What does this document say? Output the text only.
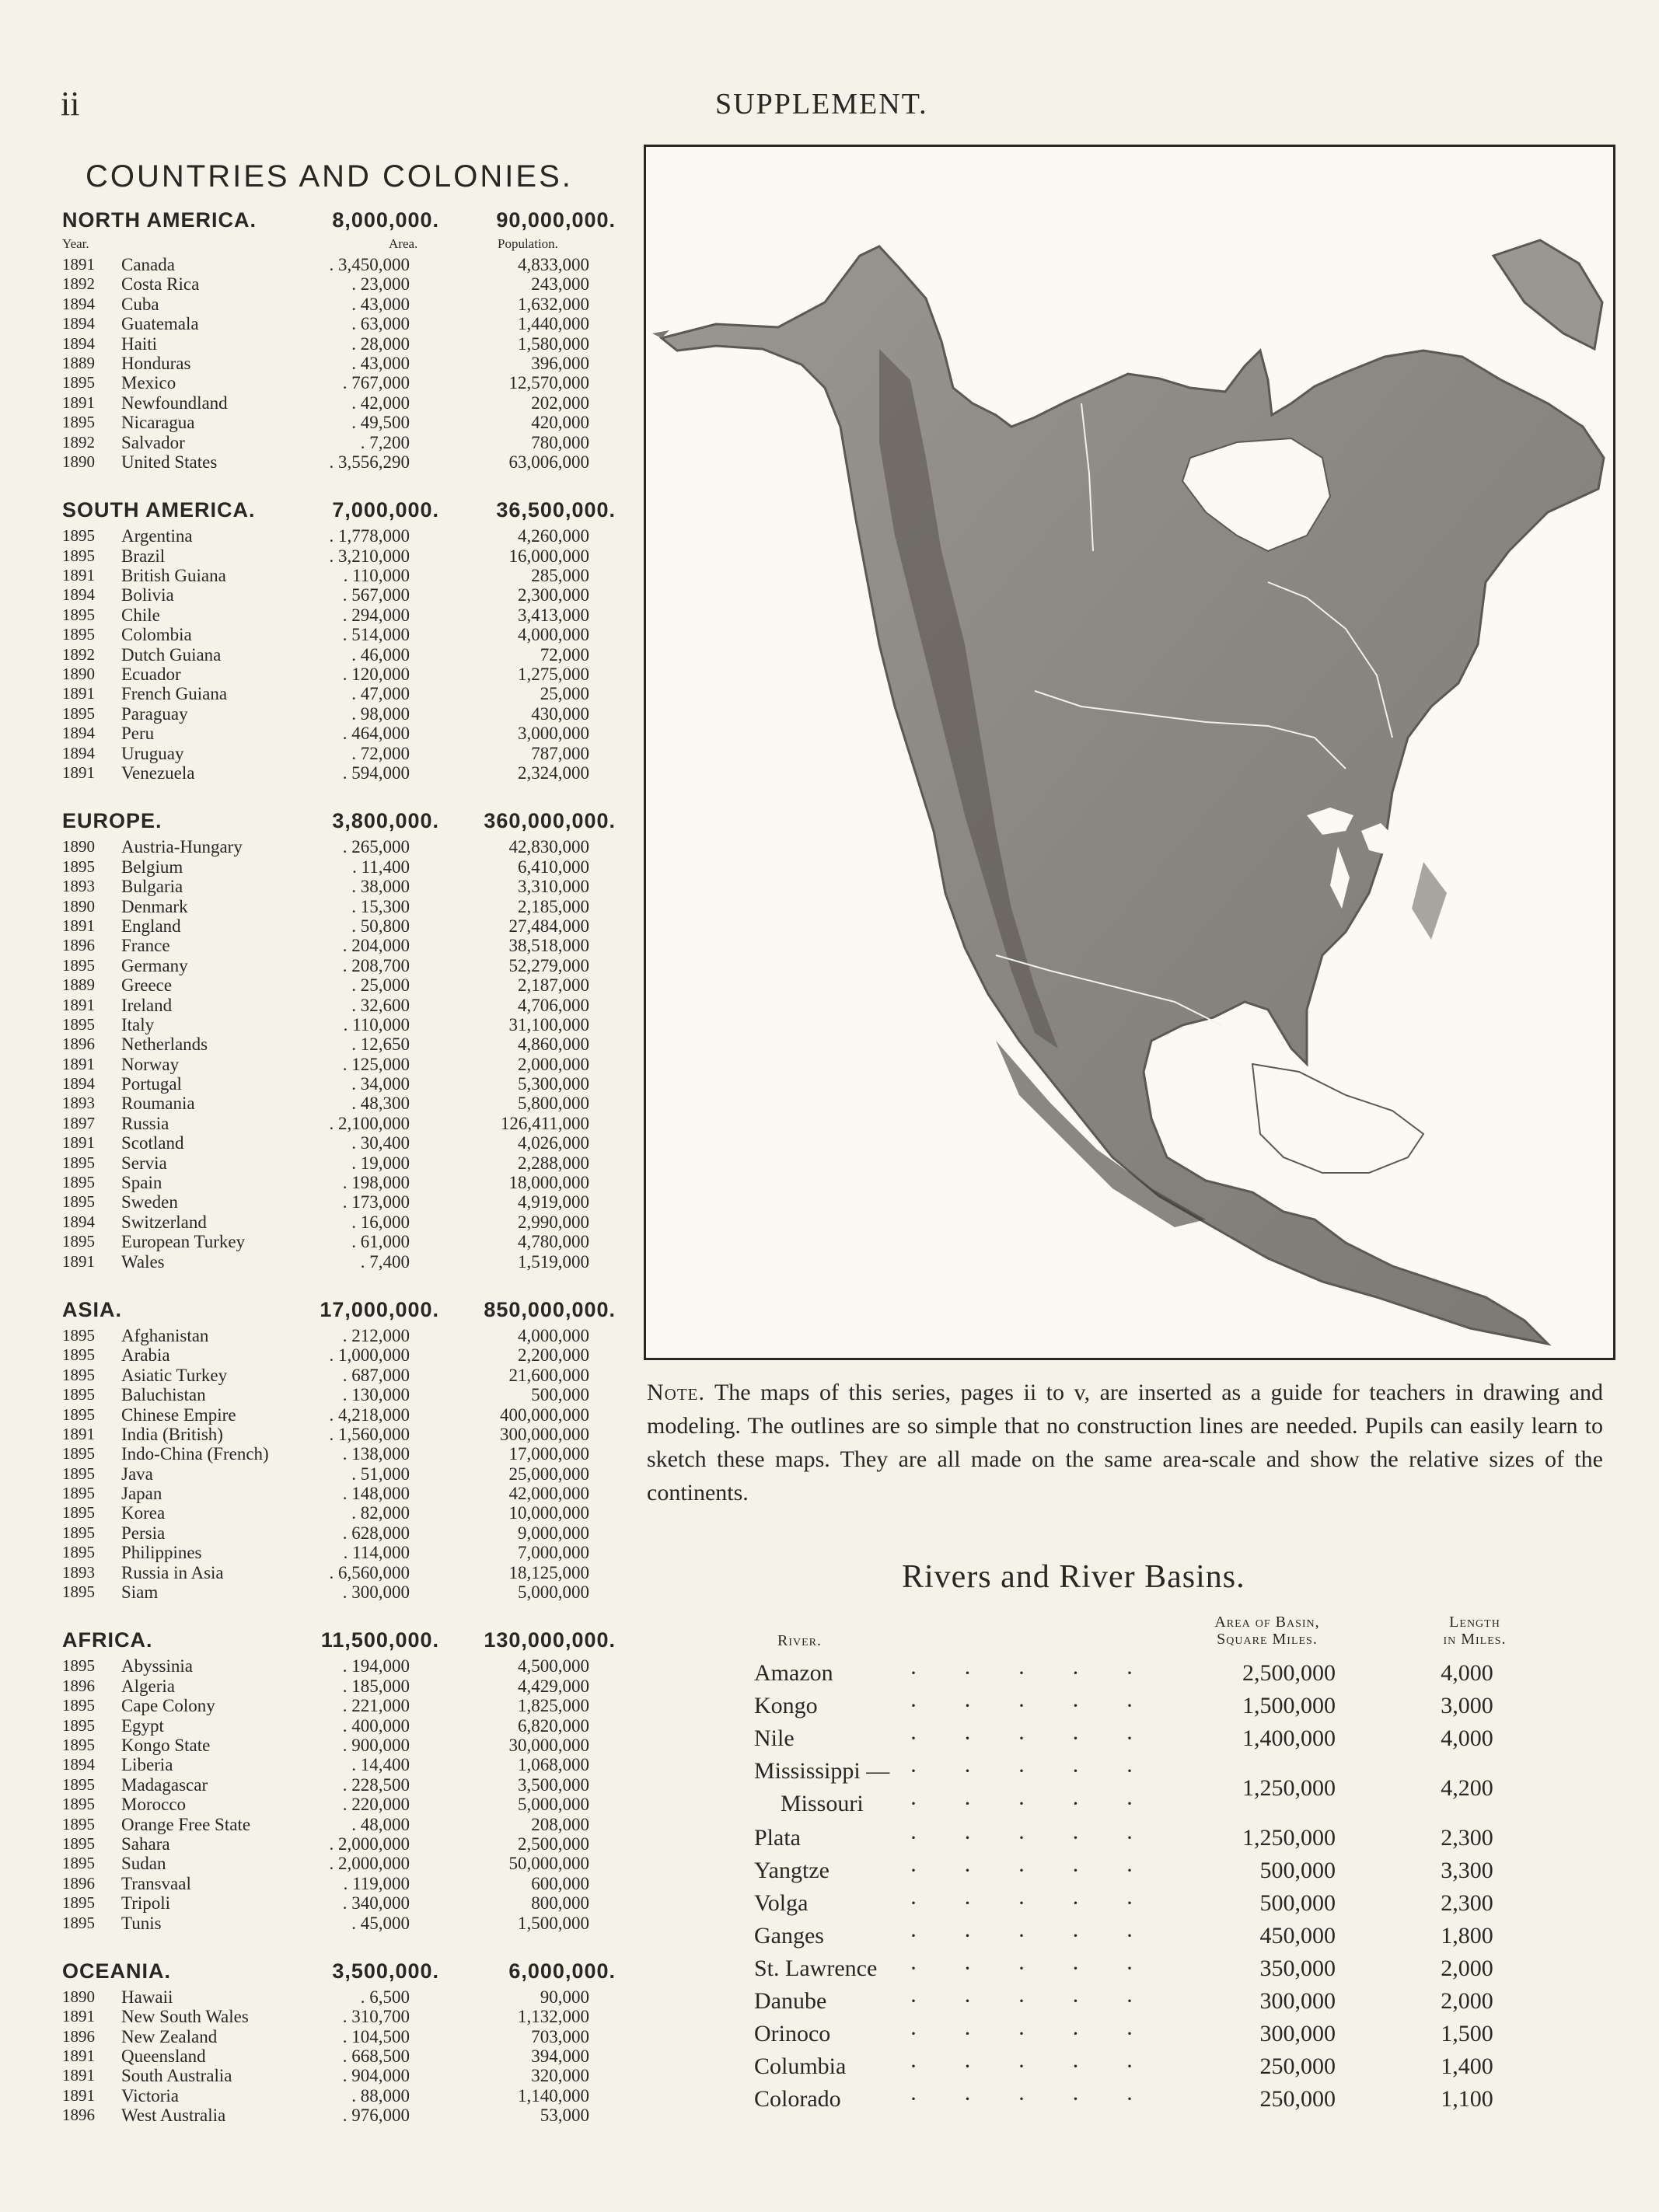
ii	SUPPLEMENT.
COUNTRIES AND COLONIES.
NORTH AMERICA.	8,000,000.	90,000,000.
Year.	Area.	Population.
1891	Canada	. 3,450,000	4,833,000
1892	Costa Rica	. 23,000	243,000
1894	Cuba	. 43,000	1,632,000
1894	Guatemala	. 63,000	1,440,000
1894	Haiti	. 28,000	1,580,000
1889	Honduras	. 43,000	396,000
1895	Mexico	. 767,000	12,570,000
1891	Newfoundland	. 42,000	202,000
1895	Nicaragua	. 49,500	420,000
1892	Salvador	. 7,200	780,000
1890	United States	. 3,556,290	63,006,000
SOUTH AMERICA.	7,000,000.	36,500,000.
1895	Argentina	. 1,778,000	4,260,000
1895	Brazil	. 3,210,000	16,000,000
1891	British Guiana	. 110,000	285,000
1894	Bolivia	. 567,000	2,300,000
1895	Chile	. 294,000	3,413,000
1895	Colombia	. 514,000	4,000,000
1892	Dutch Guiana	. 46,000	72,000
1890	Ecuador	. 120,000	1,275,000
1891	French Guiana	. 47,000	25,000
1895	Paraguay	. 98,000	430,000
1894	Peru	. 464,000	3,000,000
1894	Uruguay	. 72,000	787,000
1891	Venezuela	. 594,000	2,324,000
EUROPE.	3,800,000. 360,000,000.
1890	Austria-Hungary	. 265,000	42,830,000
1895	Belgium	. 11,400	6,410,000
1893	Bulgaria	. 38,000	3,310,000
1890	Denmark	. 15,300	2,185,000
1891	England	. 50,800	27,484,000
1896	France	. 204,000	38,518,000
1895	Germany	. 208,700	52,279,000
1889	Greece	. 25,000	2,187,000
1891	Ireland	. 32,600	4,706,000
1895	Italy	. 110,000	31,100,000
1896	Netherlands	. 12,650	4,860,000
1891	Norway	. 125,000	2,000,000
1894	Portugal	. 34,000	5,300,000
1893	Roumania	. 48,300	5,800,000
1897	Russia	. 2,100,000	126,411,000
1891	Scotland	. 30,400	4,026,000
1895	Servia	. 19,000	2,288,000
1895	Spain	. 198,000	18,000,000
1895	Sweden	. 173,000	4,919,000
1894	Switzerland	. 16,000	2,990,000
1895	European Turkey	. 61,000	4,780,000
1891	Wales	. 7,400	1,519,000
ASIA.	17,000,000. 850,000,000.
1895	Afghanistan	. 212,000	4,000,000
1895	Arabia	. 1,000,000	2,200,000
1895	Asiatic Turkey	. 687,000	21,600,000
1895	Baluchistan	. 130,000	500,000
1895	Chinese Empire	. 4,218,000	400,000,000
1891	India (British)	. 1,560,000	300,000,000
1895	Indo-China (French)	. 138,000	17,000,000
1895	Java	. 51,000	25,000,000
1895	Japan	. 148,000	42,000,000
1895	Korea	. 82,000	10,000,000
1895	Persia	. 628,000	9,000,000
1895	Philippines	. 114,000	7,000,000
1893	Russia in Asia	. 6,560,000	18,125,000
1895	Siam	. 300,000	5,000,000
AFRICA.	11,500,000. 130,000,000.
1895	Abyssinia	. 194,000	4,500,000
1896	Algeria	. 185,000	4,429,000
1895	Cape Colony	. 221,000	1,825,000
1895	Egypt	. 400,000	6,820,000
1895	Kongo State	. 900,000	30,000,000
1894	Liberia	. 14,400	1,068,000
1895	Madagascar	. 228,500	3,500,000
1895	Morocco	. 220,000	5,000,000
1895	Orange Free State	. 48,000	208,000
1895	Sahara	. 2,000,000	2,500,000
1895	Sudan	. 2,000,000	50,000,000
1896	Transvaal	. 119,000	600,000
1895	Tripoli	. 340,000	800,000
1895	Tunis	. 45,000	1,500,000
OCEANIA.	3,500,000.	6,000,000.
1890	Hawaii	. 6,500	90,000
1891	New South Wales	. 310,700	1,132,000
1896	New Zealand	. 104,500	703,000
1891	Queensland	. 668,500	394,000
1891	South Australia	. 904,000	320,000
1891	Victoria	. 88,000	1,140,000
1896	West Australia	. 976,000	53,000
Note. The maps of this series, pages ii to v, are inserted as a guide for teachers in drawing and modeling. The outlines are so simple that no construction lines are needed. Pupils can easily learn to sketch these maps. They are all made on the same area-scale and show the relative sizes of the continents.
Rivers and River Basins.
River.
Area of Basin,
Square Miles.
Length
in Miles.
Amazon	· · · · ·	2,500,000	4,000
Kongo	· · · · ·	1,500,000	3,000
Nile	· · · · ·	1,400,000	4,000
Mississippi — · · · · ·
Missouri · · · · ·
1,250,000	4,200
Plata	· · · · ·	1,250,000	2,300
Yangtze	· · · · ·	500,000	3,300
Volga	· · · · ·	500,000	2,300
Ganges	· · · · ·	450,000	1,800
St. Lawrence · · · · ·	350,000	2,000
Danube	· · · · ·	300,000	2,000
Orinoco	· · · · ·	300,000	1,500
Columbia	· · · · ·	250,000	1,400
Colorado	· · · · ·	250,000	1,100
